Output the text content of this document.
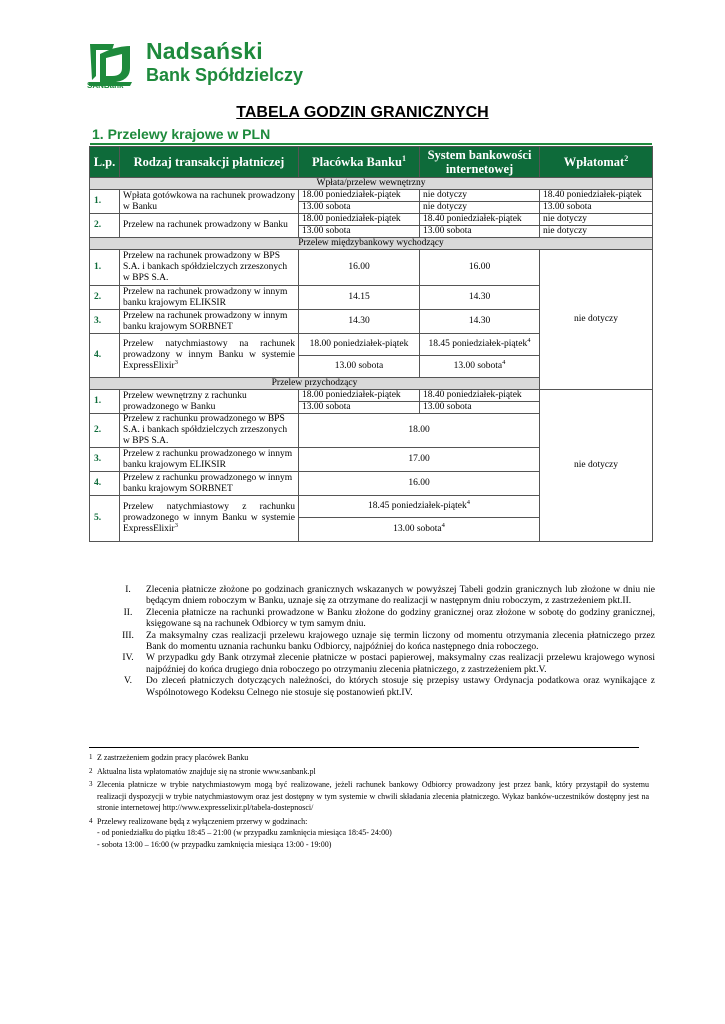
Nadsański
Bank Spółdzielczy
SANBank
TABELA GODZIN GRANICZNYCH
1. Przelewy krajowe w PLN
L.p.	Rodzaj transakcji płatniczej	Placówka Banku$^1$	System bankowości internetowej	Wpłatomat$^2$
Wpłata/przelew wewnętrzny				
1.	Wpłata gotówkowa na rachunek prowadzony w Banku	18.00 poniedziałek-piątek	nie dotyczy	18.40 poniedziałek-piątek
		13.00 sobota	nie dotyczy	13.00 sobota
2.	Przelew na rachunek prowadzony w Banku	18.00 poniedziałek-piątek	18.40 poniedziałek-piątek	nie dotyczy
		13.00 sobota	13.00 sobota	nie dotyczy
Przelew międzybankowy wychodzący				
1.	Przelew na rachunek prowadzony w BPS S.A. i bankach spółdzielczych zrzeszonych w BPS S.A.	16.00	16.00	nie dotyczy
2.	Przelew na rachunek prowadzony w innym banku krajowym ELIKSIR	14.15	14.30	
3.	Przelew na rachunek prowadzony w innym banku krajowym SORBNET	14.30	14.30	
4.	Przelew natychmiastowy na rachunek prowadzony w innym Banku w systemie ExpressElixir$^3$	18.00 poniedziałek-piątek	18.45 poniedziałek-piątek$^4$
		13.00 sobota	13.00 sobota$^4$
Przelew przychodzący				
1.	Przelew wewnętrzny z rachunku prowadzonego w Banku	18.00 poniedziałek-piątek	18.40 poniedziałek-piątek	nie dotyczy
		13.00 sobota	13.00 sobota	
2.	Przelew z rachunku prowadzonego w BPS S.A. i bankach spółdzielczych zrzeszonych w BPS S.A.	18.00		
3.	Przelew z rachunku prowadzonego w innym banku krajowym ELIKSIR	17.00		
4.	Przelew z rachunku prowadzonego w innym banku krajowym SORBNET	16.00		
5.	Przelew natychmiastowy z rachunku prowadzonego w innym Banku w systemie ExpressElixir$^3$	18.45 poniedziałek-piątek$^4$
		13.00 sobota$^4$
I.	Zlecenia płatnicze złożone po godzinach granicznych wskazanych w powyższej Tabeli godzin granicznych lub złożone w dniu nie będącym dniem roboczym w Banku, uznaje się za otrzymane do realizacji w następnym dniu roboczym, z zastrzeżeniem pkt.II.
II.	Zlecenia płatnicze na rachunki prowadzone w Banku złożone do godziny granicznej oraz złożone w sobotę do godziny granicznej, księgowane są na rachunek Odbiorcy w tym samym dniu.
III.	Za maksymalny czas realizacji przelewu krajowego uznaje się termin liczony od momentu otrzymania zlecenia płatniczego przez Bank do momentu uznania rachunku banku Odbiorcy, najpóźniej do końca następnego dnia roboczego.
IV.	W przypadku gdy Bank otrzymał zlecenie płatnicze w postaci papierowej, maksymalny czas realizacji przelewu krajowego wynosi najpóźniej do końca drugiego dnia roboczego po otrzymaniu zlecenia płatniczego, z zastrzeżeniem pkt.V.
V.	Do zleceń płatniczych dotyczących należności, do których stosuje się przepisy ustawy Ordynacja podatkowa oraz wynikające z Wspólnotowego Kodeksu Celnego nie stosuje się postanowień pkt.IV.
1 Z zastrzeżeniem godzin pracy placówek Banku
2 Aktualna lista wpłatomatów znajduje się na stronie www.sanbank.pl
3 Zlecenia płatnicze w trybie natychmiastowym mogą być realizowane, jeżeli rachunek bankowy Odbiorcy prowadzony jest przez bank, który przystąpił do systemu realizacji dyspozycji w trybie natychmiastowym oraz jest dostępny w tym systemie w chwili składania zlecenia płatniczego. Wykaz banków-uczestników dostępny jest na stronie internetowej http://www.expresselixir.pl/tabela-dostepnosci/
4 Przelewy realizowane będą z wyłączeniem przerwy w godzinach:
- od poniedziałku do piątku 18:45 – 21:00 (w przypadku zamknięcia miesiąca 18:45- 24:00)
- sobota 13:00 – 16:00 (w przypadku zamknięcia miesiąca 13:00 - 19:00)
